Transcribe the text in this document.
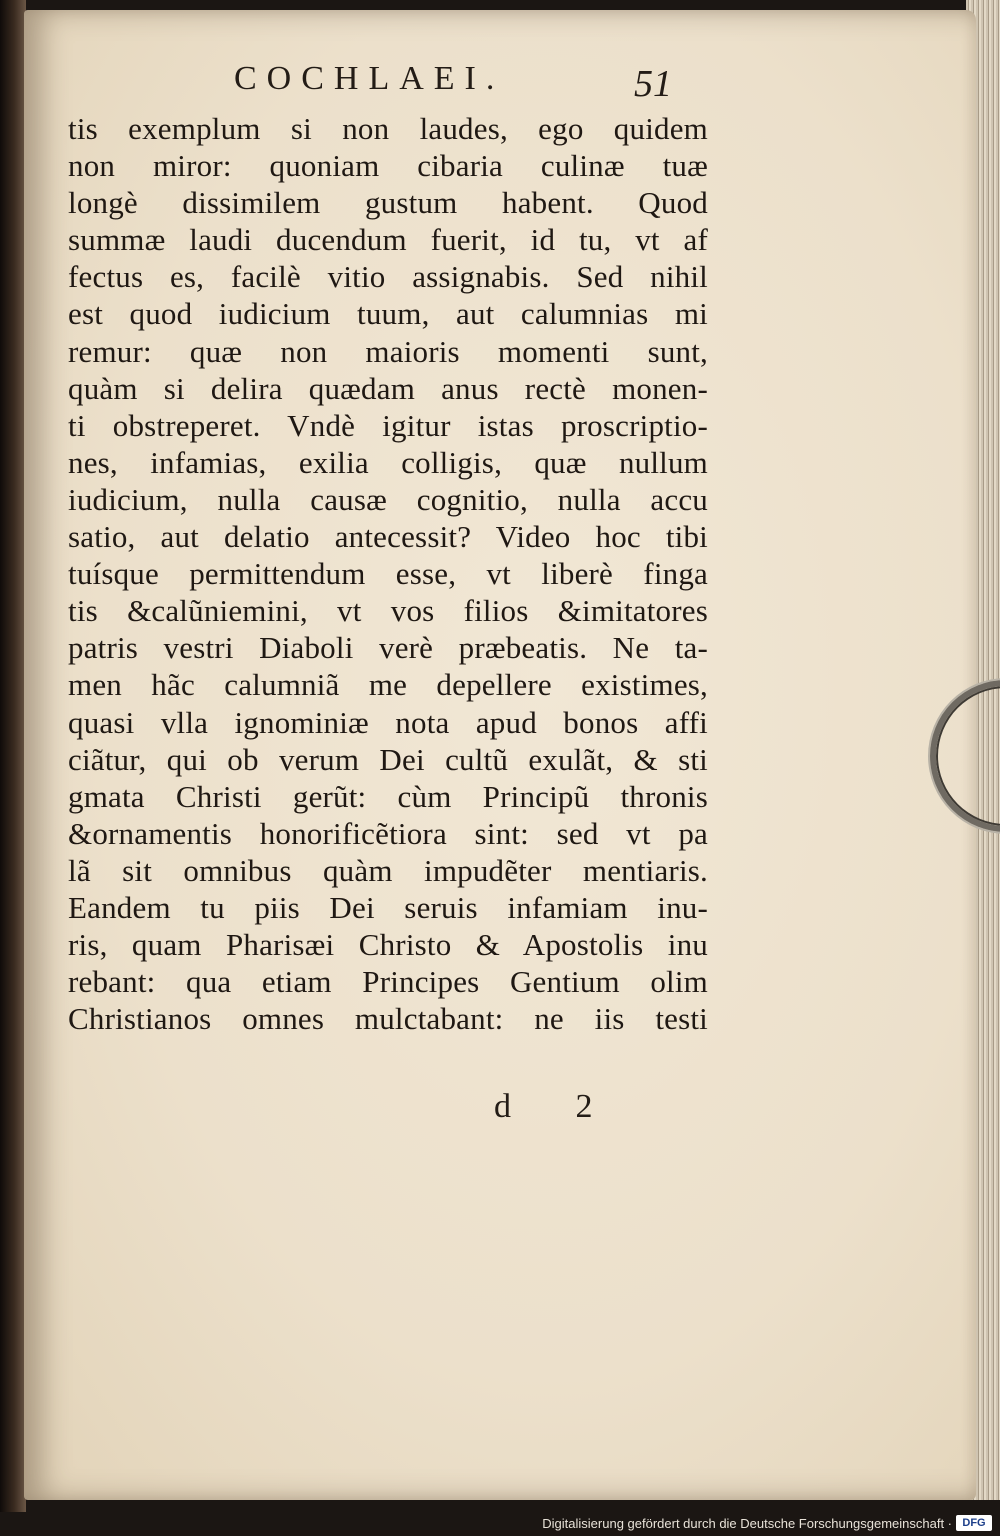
COCHLAEI.	51
tis exemplum si non laudes, ego quidem
non miror: quoniam cibaria culinæ tuæ
longè dissimilem gustum habent. Quod
summæ laudi ducendum fuerit, id tu, vt af
fectus es, facilè vitio assignabis. Sed nihil
est quod iudicium tuum, aut calumnias mi
remur: quæ non maioris momenti sunt,
quàm si delira quædam anus rectè monen-
ti obstreperet. Vndè igitur istas proscriptio-
nes, infamias, exilia colligis, quæ nullum
iudicium, nulla causæ cognitio, nulla accu
satio, aut delatio antecessit? Video hoc tibi
tuísque permittendum esse, vt liberè finga
tis &calũniemini, vt vos filios &imitatores
patris vestri Diaboli verè præbeatis. Ne ta-
men hãc calumniã me depellere existimes,
quasi vlla ignominiæ nota apud bonos affi
ciãtur, qui ob verum Dei cultũ exulãt, & sti
gmata Christi gerũt: cùm Principũ thronis
&ornamentis honorificẽtiora sint: sed vt pa
lã sit omnibus quàm impudẽter mentiaris.
Eandem tu piis Dei seruis infamiam inu-
ris, quam Pharisæi Christo & Apostolis inu
rebant: qua etiam Principes Gentium olim
Christianos omnes mulctabant: ne iis testi
d 2
Digitalisierung gefördert durch die Deutsche Forschungsgemeinschaft · DFG
